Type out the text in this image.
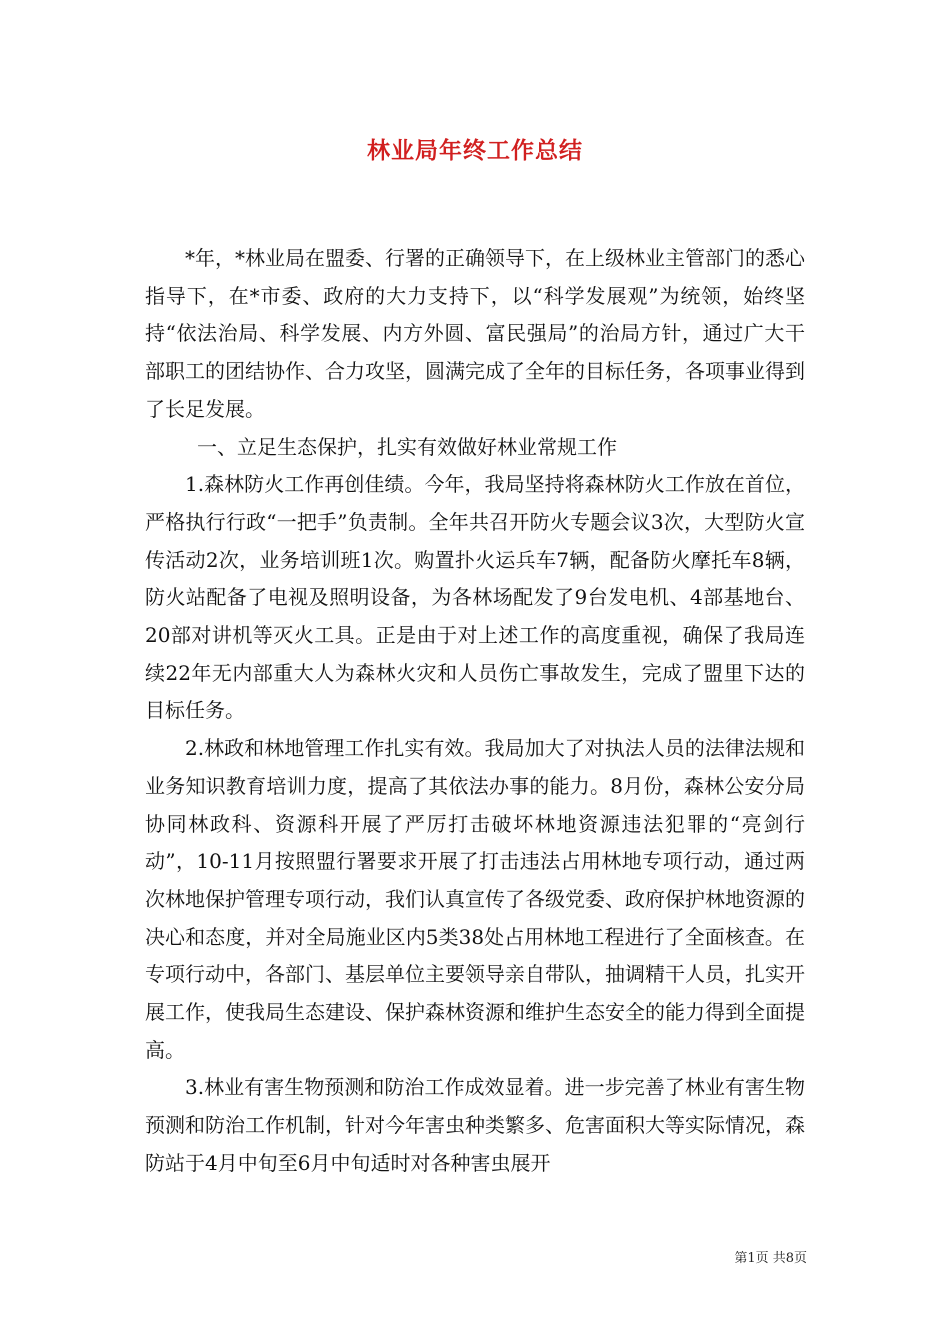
林业局年终工作总结

*年，*林业局在盟委、行署的正确领导下，在上级林业主管部门的悉心指导下，在*市委、政府的大力支持下，以“科学发展观”为统领，始终坚持“依法治局、科学发展、内方外圆、富民强局”的治局方针，通过广大干部职工的团结协作、合力攻坚，圆满完成了全年的目标任务，各项事业得到了长足发展。

一、立足生态保护，扎实有效做好林业常规工作

1.森林防火工作再创佳绩。今年，我局坚持将森林防火工作放在首位，严格执行行政“一把手”负责制。全年共召开防火专题会议3次，大型防火宣传活动2次，业务培训班1次。购置扑火运兵车7辆，配备防火摩托车8辆，防火站配备了电视及照明设备，为各林场配发了9台发电机、4部基地台、20部对讲机等灭火工具。正是由于对上述工作的高度重视，确保了我局连续22年无内部重大人为森林火灾和人员伤亡事故发生，完成了盟里下达的目标任务。

2.林政和林地管理工作扎实有效。我局加大了对执法人员的法律法规和业务知识教育培训力度，提高了其依法办事的能力。8月份，森林公安分局协同林政科、资源科开展了严厉打击破坏林地资源违法犯罪的“亮剑行动”，10-11月按照盟行署要求开展了打击违法占用林地专项行动，通过两次林地保护管理专项行动，我们认真宣传了各级党委、政府保护林地资源的决心和态度，并对全局施业区内5类38处占用林地工程进行了全面核查。在专项行动中，各部门、基层单位主要领导亲自带队，抽调精干人员，扎实开展工作，使我局生态建设、保护森林资源和维护生态安全的能力得到全面提高。

3.林业有害生物预测和防治工作成效显着。进一步完善了林业有害生物预测和防治工作机制，针对今年害虫种类繁多、危害面积大等实际情况，森防站于4月中旬至6月中旬适时对各种害虫展开

第1页 共8页
